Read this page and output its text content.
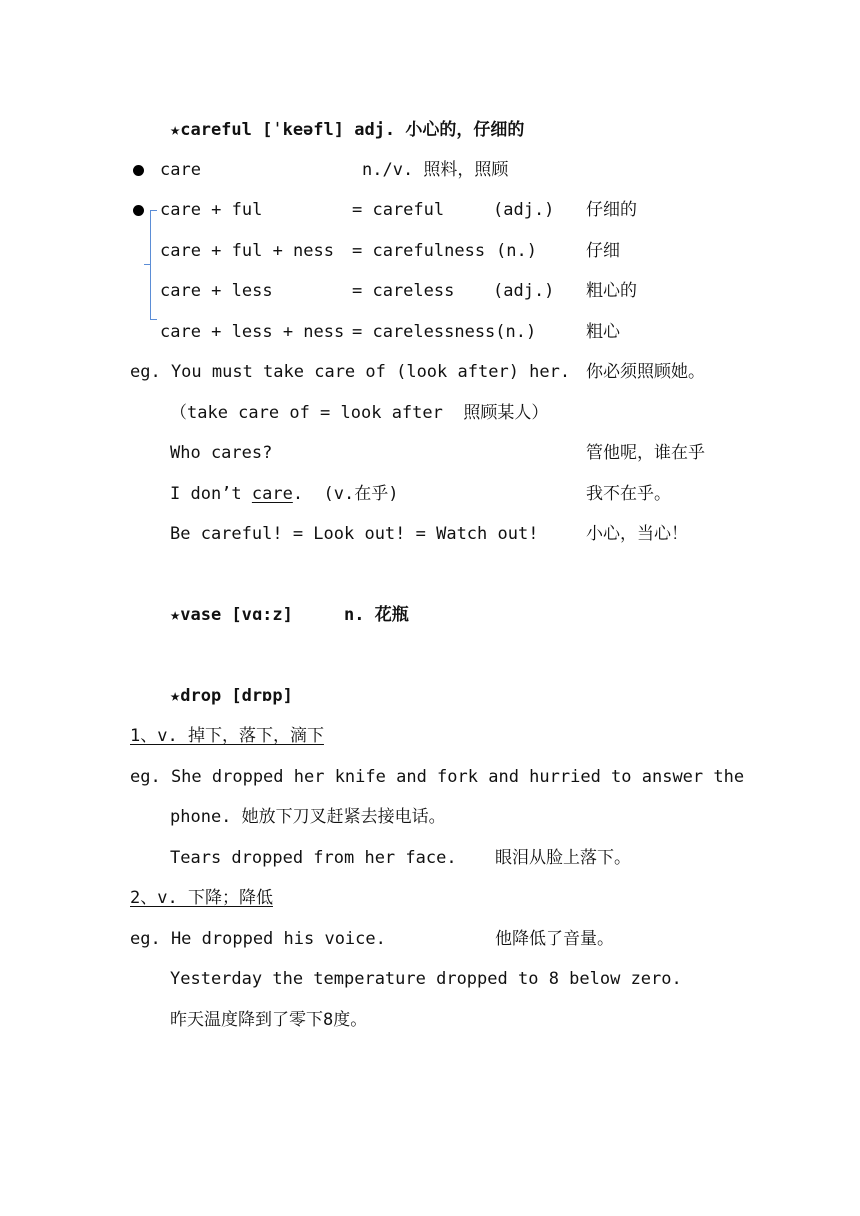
★careful [ˈkeəfl] adj. 小心的，仔细的
care	n./v. 照料，照顾
care + ful	= careful	(adj.) 仔细的
care + ful + ness = carefulness (n.)	仔细
care + less	= careless (adj.) 粗心的
care + less + ness = carelessness(n.)	粗心
eg. You must take care of (look after) her. 你必须照顾她。
（take care of = look after  照顾某人）
Who cares?	管他呢，谁在乎
I don’t care.  (v.在乎)	我不在乎。
Be careful! = Look out! = Watch out!	小心，当心！
★vase [vɑ:z]     n. 花瓶
★drop [drɒp]
1、v. 掉下，落下，滴下
eg. She dropped her knife and fork and hurried to answer the
phone. 她放下刀叉赶紧去接电话。
Tears dropped from her face. 眼泪从脸上落下。
2、v. 下降；降低
eg. He dropped his voice.	他降低了音量。
Yesterday the temperature dropped to 8 below zero.
昨天温度降到了零下8度。
